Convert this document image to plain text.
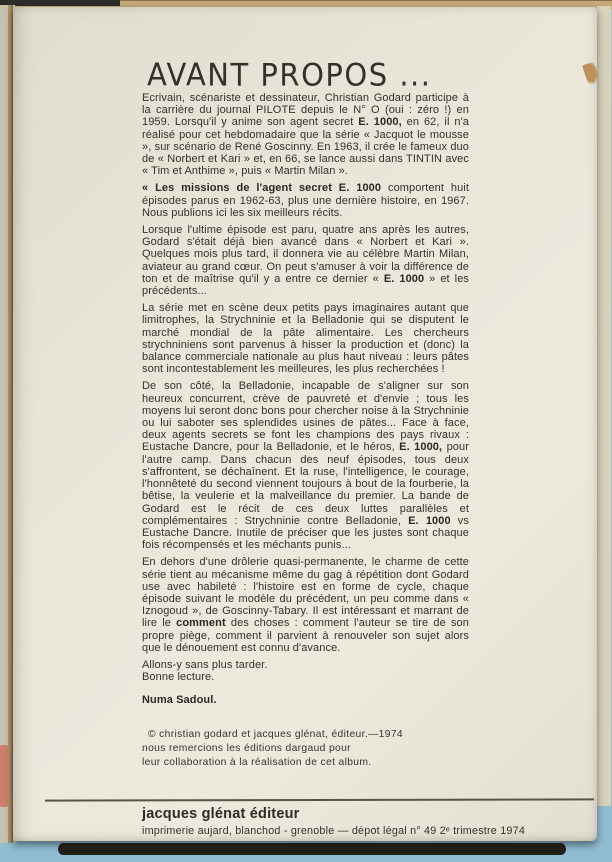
AVANT PROPOS ...

Ecrivain, scénariste et dessinateur, Christian Godard participe à la carrière du journal PILOTE depuis le N° O (oui : zéro !) en 1959. Lorsqu'il y anime son agent secret E. 1000, en 62, il n'a réalisé pour cet hebdomadaire que la série « Jacquot le mousse », sur scénario de René Goscinny. En 1963, il crée le fameux duo de « Norbert et Kari » et, en 66, se lance aussi dans TINTIN avec « Tim et Anthime », puis « Martin Milan ».

« Les missions de l'agent secret E. 1000 comportent huit épisodes parus en 1962-63, plus une dernière histoire, en 1967. Nous publions ici les six meilleurs récits.

Lorsque l'ultime épisode est paru, quatre ans après les autres, Godard s'était déjà bien avancé dans « Norbert et Kari ». Quelques mois plus tard, il donnera vie au célèbre Martin Milan, aviateur au grand cœur. On peut s'amuser à voir la différence de ton et de maîtrise qu'il y a entre ce dernier « E. 1000 » et les précédents...

La série met en scène deux petits pays imaginaires autant que limitrophes, la Strychninie et la Belladonie qui se disputent le marché mondial de la pâte alimentaire. Les chercheurs strychniniens sont parvenus à hisser la production et (donc) la balance commerciale nationale au plus haut niveau : leurs pâtes sont incontestablement les meilleures, les plus recherchées !

De son côté, la Belladonie, incapable de s'aligner sur son heureux concurrent, crève de pauvreté et d'envie ; tous les moyens lui seront donc bons pour chercher noise à la Strychninie ou lui saboter ses splendides usines de pâtes... Face à face, deux agents secrets se font les champions des pays rivaux : Eustache Dancre, pour la Belladonie, et le héros, E. 1000, pour l'autre camp. Dans chacun des neuf épisodes, tous deux s'affrontent, se déchaînent. Et la ruse, l'intelligence, le courage, l'honnêteté du second viennent toujours à bout de la fourberie, la bêtise, la veulerie et la malveillance du premier. La bande de Godard est le récit de ces deux luttes parallèles et complémentaires : Strychninie contre Belladonie, E. 1000 vs Eustache Dancre. Inutile de préciser que les justes sont chaque fois récompensés et les méchants punis...

En dehors d'une drôlerie quasi-permanente, le charme de cette série tient au mécanisme même du gag à répétition dont Godard use avec habileté : l'histoire est en forme de cycle, chaque épisode suivant le modèle du précédent, un peu comme dans « Iznogoud », de Goscinny-Tabary. Il est intéressant et marrant de lire le comment des choses : comment l'auteur se tire de son propre piège, comment il parvient à renouveler son sujet alors que le dénouement est connu d'avance.

Allons-y sans plus tarder.
Bonne lecture.

Numa Sadoul.
© christian godard et jacques glénat, éditeur.—1974
nous remercions les éditions dargaud pour
leur collaboration à la réalisation de cet album.
jacques glénat éditeur
imprimerie aujard, blanchod - grenoble — dépot légal n° 49 2ᵉ trimestre 1974
